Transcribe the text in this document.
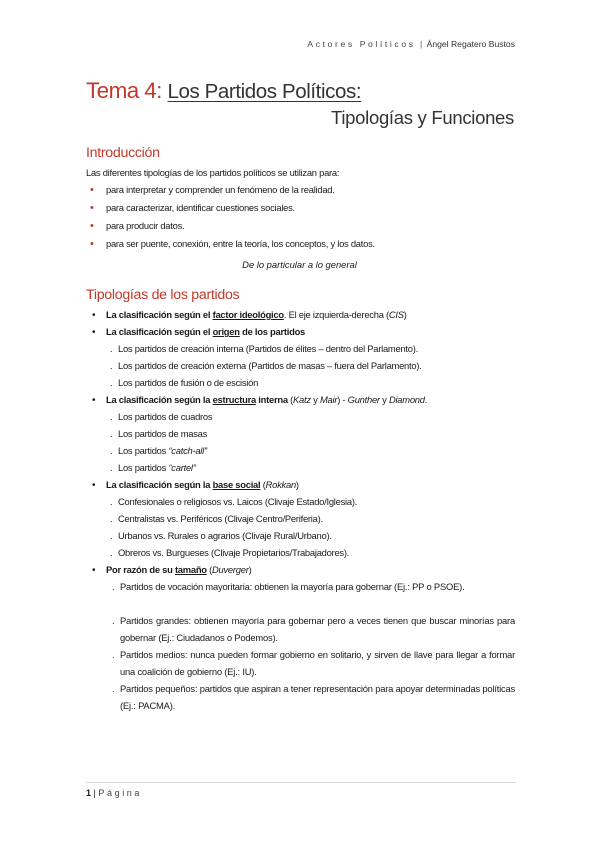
Actores Políticos | Ángel Regatero Bustos
Tema 4: Los Partidos Políticos:
Tipologías y Funciones
Introducción
Las diferentes tipologías de los partidos políticos se utilizan para:
• para interpretar y comprender un fenómeno de la realidad.
• para caracterizar, identificar cuestiones sociales.
• para producir datos.
• para ser puente, conexión, entre la teoría, los conceptos, y los datos.
De lo particular a lo general
Tipologías de los partidos
• La clasificación según el factor ideológico. El eje izquierda-derecha (CIS)
• La clasificación según el origen de los partidos
. Los partidos de creación interna (Partidos de élites – dentro del Parlamento).
. Los partidos de creación externa (Partidos de masas – fuera del Parlamento).
. Los partidos de fusión o de escisión
• La clasificación según la estructura interna (Katz y Mair) - Gunther y Diamond.
. Los partidos de cuadros
. Los partidos de masas
. Los partidos “catch-all”
. Los partidos “cartel”
• La clasificación según la base social (Rokkan)
. Confesionales o religiosos vs. Laicos (Clivaje Estado/Iglesia).
. Centralistas vs. Periféricos (Clivaje Centro/Periferia).
. Urbanos vs. Rurales o agrarios (Clivaje Rural/Urbano).
. Obreros vs. Burgueses (Clivaje Propietarios/Trabajadores).
• Por razón de su tamaño (Duverger)
. Partidos de vocación mayoritaria: obtienen la mayoría para gobernar (Ej.: PP o PSOE).
. Partidos grandes: obtienen mayoría para gobernar pero a veces tienen que buscar minorías para gobernar (Ej.: Ciudadanos o Podemos).
. Partidos medios: nunca pueden formar gobierno en solitario, y sirven de llave para llegar a formar una coalición de gobierno (Ej.: IU).
. Partidos pequeños: partidos que aspiran a tener representación para apoyar determinadas políticas (Ej.: PACMA).
1 | Página
